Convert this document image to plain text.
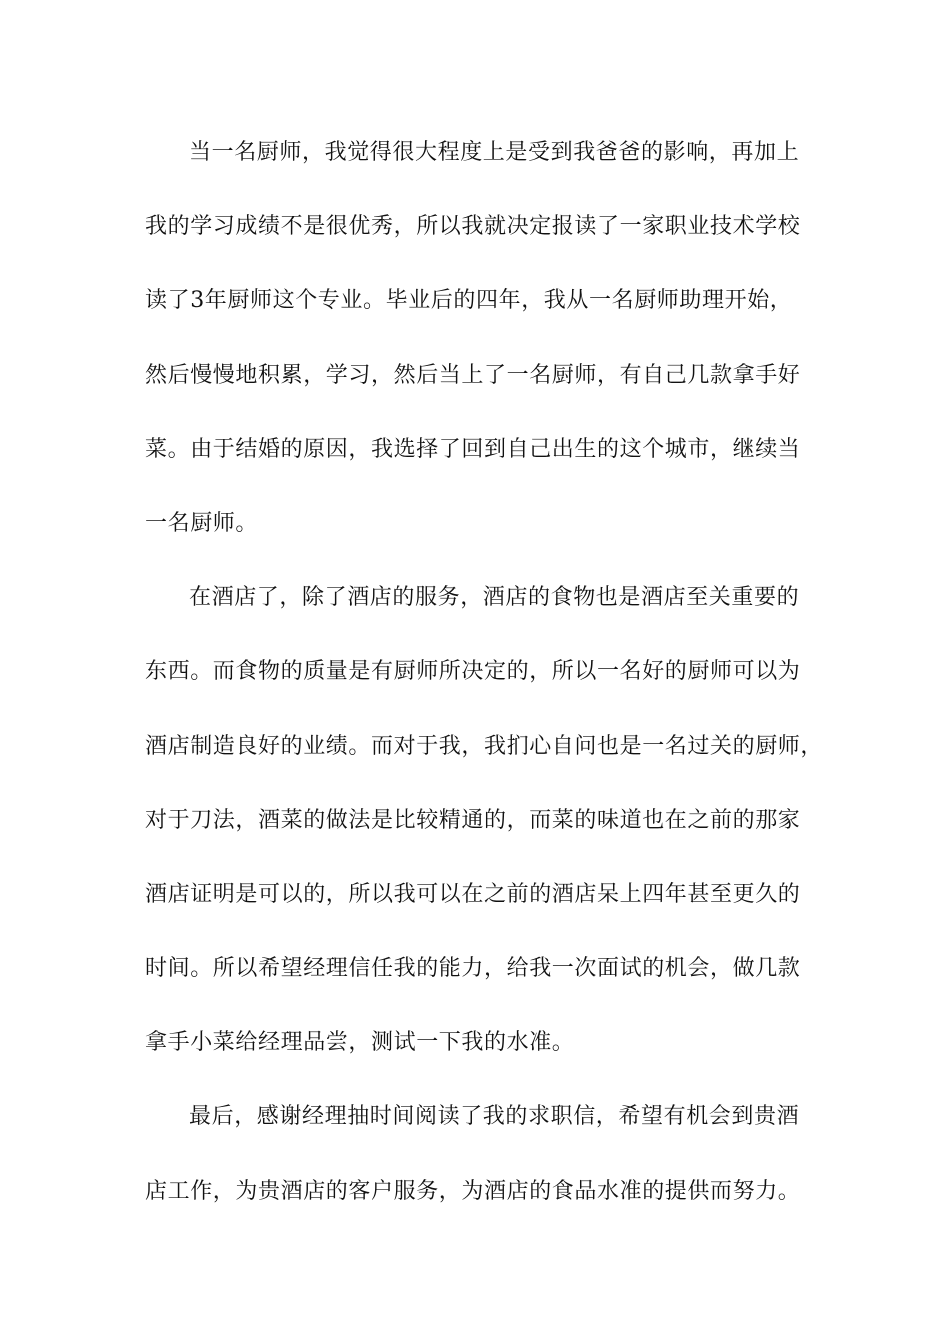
当一名厨师，我觉得很大程度上是受到我爸爸的影响，再加上
我的学习成绩不是很优秀，所以我就决定报读了一家职业技术学校
读了3年厨师这个专业。毕业后的四年，我从一名厨师助理开始，
然后慢慢地积累，学习，然后当上了一名厨师，有自己几款拿手好
菜。由于结婚的原因，我选择了回到自己出生的这个城市，继续当
一名厨师。
在酒店了，除了酒店的服务，酒店的食物也是酒店至关重要的
东西。而食物的质量是有厨师所决定的，所以一名好的厨师可以为
酒店制造良好的业绩。而对于我，我扪心自问也是一名过关的厨师，
对于刀法，酒菜的做法是比较精通的，而菜的味道也在之前的那家
酒店证明是可以的，所以我可以在之前的酒店呆上四年甚至更久的
时间。所以希望经理信任我的能力，给我一次面试的机会，做几款
拿手小菜给经理品尝，测试一下我的水准。
最后，感谢经理抽时间阅读了我的求职信，希望有机会到贵酒
店工作，为贵酒店的客户服务，为酒店的食品水准的提供而努力。
